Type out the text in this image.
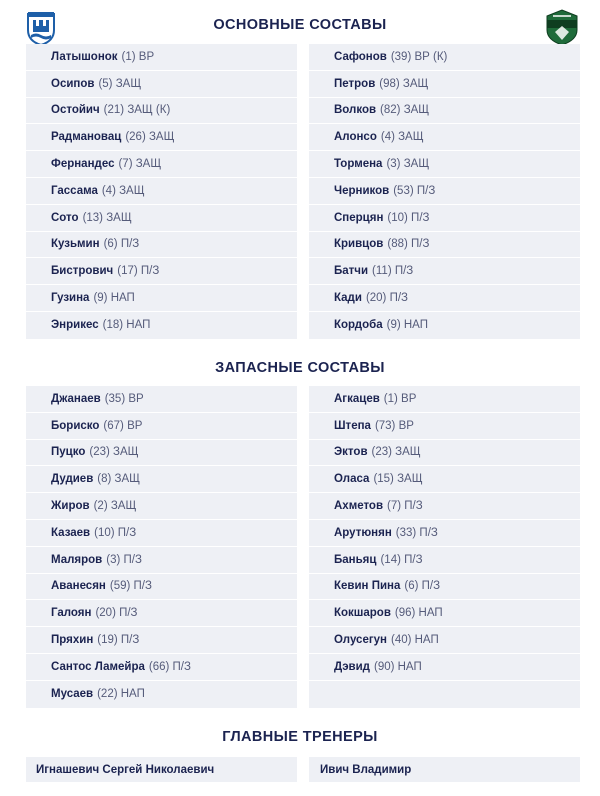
ОСНОВНЫЕ СОСТАВЫ
ЗАПАСНЫЕ СОСТАВЫ
ГЛАВНЫЕ ТРЕНЕРЫ
Латышонок (1) ВР
Осипов (5) ЗАЩ
Остойич (21) ЗАЩ (К)
Радмановац (26) ЗАЩ
Фернандес (7) ЗАЩ
Гассама (4) ЗАЩ
Сото (13) ЗАЩ
Кузьмин (6) П/З
Бистрович (17) П/З
Гузина (9) НАП
Энрикес (18) НАП
Сафонов (39) ВР (К)
Петров (98) ЗАЩ
Волков (82) ЗАЩ
Алонсо (4) ЗАЩ
Тормена (3) ЗАЩ
Черников (53) П/З
Сперцян (10) П/З
Кривцов (88) П/З
Батчи (11) П/З
Кади (20) П/З
Кордоба (9) НАП
Джанаев (35) ВР
Бориско (67) ВР
Пуцко (23) ЗАЩ
Дудиев (8) ЗАЩ
Жиров (2) ЗАЩ
Казаев (10) П/З
Маляров (3) П/З
Аванесян (59) П/З
Галоян (20) П/З
Пряхин (19) П/З
Сантос Ламейра (66) П/З
Мусаев (22) НАП
Агкацев (1) ВР
Штепа (73) ВР
Эктов (23) ЗАЩ
Оласа (15) ЗАЩ
Ахметов (7) П/З
Арутюнян (33) П/З
Баньяц (14) П/З
Кевин Пина (6) П/З
Кокшаров (96) НАП
Олусегун (40) НАП
Дэвид (90) НАП
Игнашевич Сергей Николаевич	Ивич Владимир
